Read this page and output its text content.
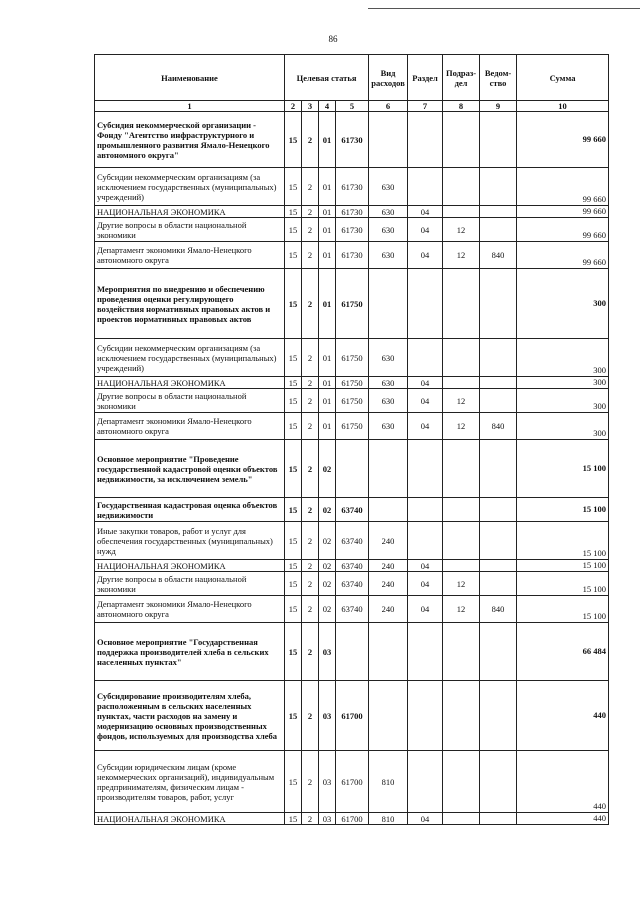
86
Наименование	Целевая статья				Вид расходов	Раздел	Подраз-дел	Ведом-ство	Сумма
1	2	3	4	5	6	7	8	9	10
Субсидия некоммерческой организации - Фонду "Агентство инфраструктурного и промышленного развития Ямало-Ненецкого автономного округа"	15	2	01	61730					99 660
Субсидии некоммерческим организациям (за исключением государственных (муниципальных) учреждений)	15	2	01	61730	630				99 660
НАЦИОНАЛЬНАЯ ЭКОНОМИКА	15	2	01	61730	630	04			99 660
Другие вопросы в области национальной экономики	15	2	01	61730	630	04	12		99 660
Департамент экономики Ямало-Ненецкого автономного округа	15	2	01	61730	630	04	12	840	99 660
Мероприятия по внедрению и обеспечению проведения оценки регулирующего воздействия нормативных правовых актов и проектов нормативных правовых актов	15	2	01	61750					300
Субсидии некоммерческим организациям (за исключением государственных (муниципальных) учреждений)	15	2	01	61750	630				300
НАЦИОНАЛЬНАЯ ЭКОНОМИКА	15	2	01	61750	630	04			300
Другие вопросы в области национальной экономики	15	2	01	61750	630	04	12		300
Департамент экономики Ямало-Ненецкого автономного округа	15	2	01	61750	630	04	12	840	300
Основное мероприятие "Проведение государственной кадастровой оценки объектов недвижимости, за исключением земель"	15	2	02						15 100
Государственная кадастровая оценка объектов недвижимости	15	2	02	63740					15 100
Иные закупки товаров, работ и услуг для обеспечения государственных (муниципальных) нужд	15	2	02	63740	240				15 100
НАЦИОНАЛЬНАЯ ЭКОНОМИКА	15	2	02	63740	240	04			15 100
Другие вопросы в области национальной экономики	15	2	02	63740	240	04	12		15 100
Департамент экономики Ямало-Ненецкого автономного округа	15	2	02	63740	240	04	12	840	15 100
Основное мероприятие "Государственная поддержка производителей хлеба в сельских населенных пунктах"	15	2	03						66 484
Субсидирование производителям хлеба, расположенным в сельских населенных пунктах, части расходов на замену и модернизацию основных производственных фондов, используемых для производства хлеба	15	2	03	61700					440
Субсидии юридическим лицам (кроме некоммерческих организаций), индивидуальным предпринимателям, физическим лицам - производителям товаров, работ, услуг	15	2	03	61700	810				440
НАЦИОНАЛЬНАЯ ЭКОНОМИКА	15	2	03	61700	810	04			440
